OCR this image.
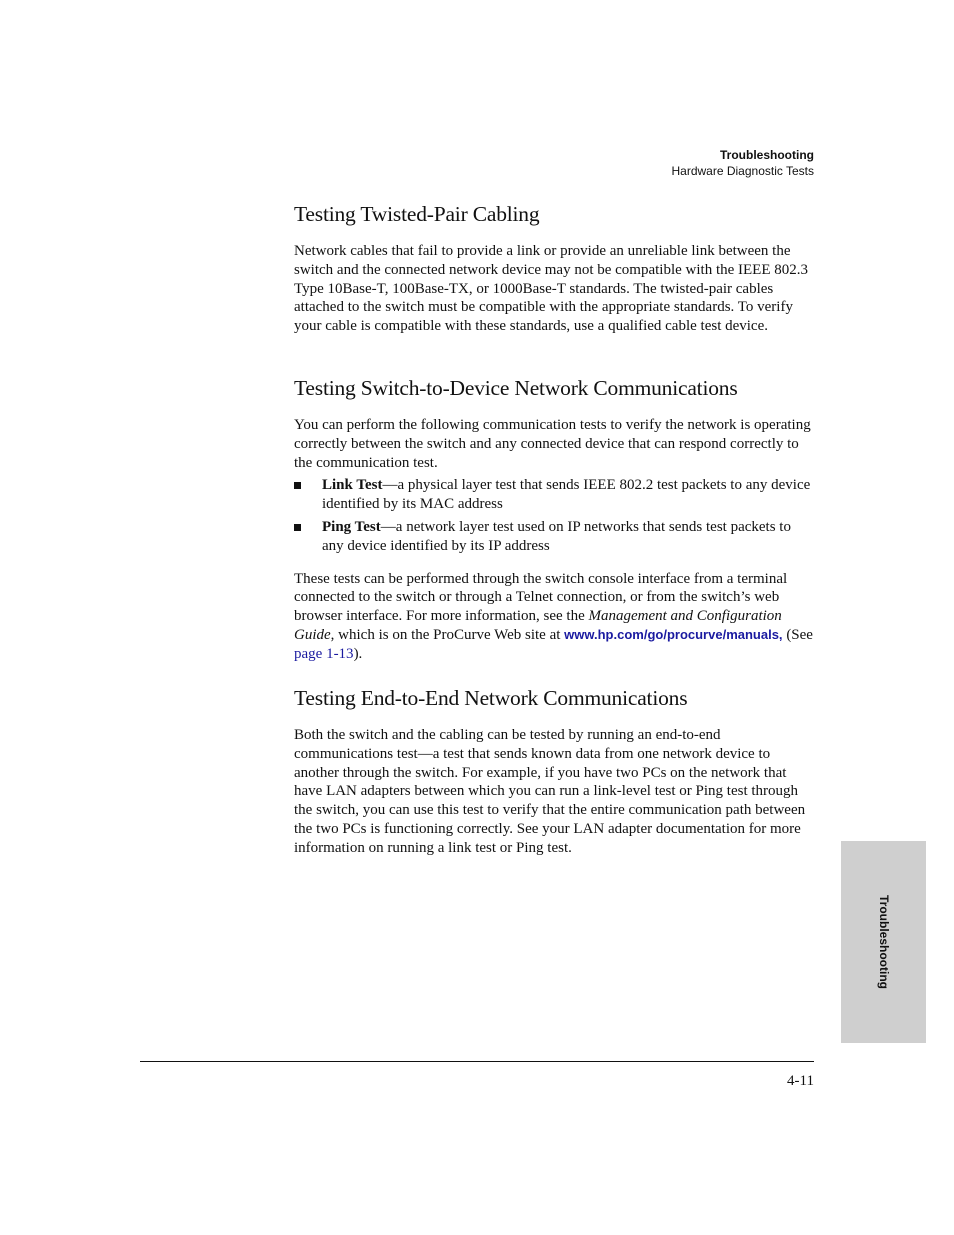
Troubleshooting
Hardware Diagnostic Tests
Testing Twisted-Pair Cabling

Network cables that fail to provide a link or provide an unreliable link between the switch and the connected network device may not be compatible with the IEEE 802.3 Type 10Base-T, 100Base-TX, or 1000Base-T standards. The twisted-pair cables attached to the switch must be compatible with the appropriate standards. To verify your cable is compatible with these standards, use a qualified cable test device.

Testing Switch-to-Device Network Communications

You can perform the following communication tests to verify the network is operating correctly between the switch and any connected device that can respond correctly to the communication test.

Link Test—a physical layer test that sends IEEE 802.2 test packets to any device identified by its MAC address
Ping Test—a network layer test used on IP networks that sends test packets to any device identified by its IP address

These tests can be performed through the switch console interface from a terminal connected to the switch or through a Telnet connection, or from the switch’s web browser interface. For more information, see the Management and Configuration Guide, which is on the ProCurve Web site at www.hp.com/go/procurve/manuals, (See page 1-13).

Testing End-to-End Network Communications

Both the switch and the cabling can be tested by running an end-to-end communications test—a test that sends known data from one network device to another through the switch. For example, if you have two PCs on the network that have LAN adapters between which you can run a link-level test or Ping test through the switch, you can use this test to verify that the entire communication path between the two PCs is functioning correctly. See your LAN adapter documentation for more information on running a link test or Ping test.

4-11
Troubleshooting
